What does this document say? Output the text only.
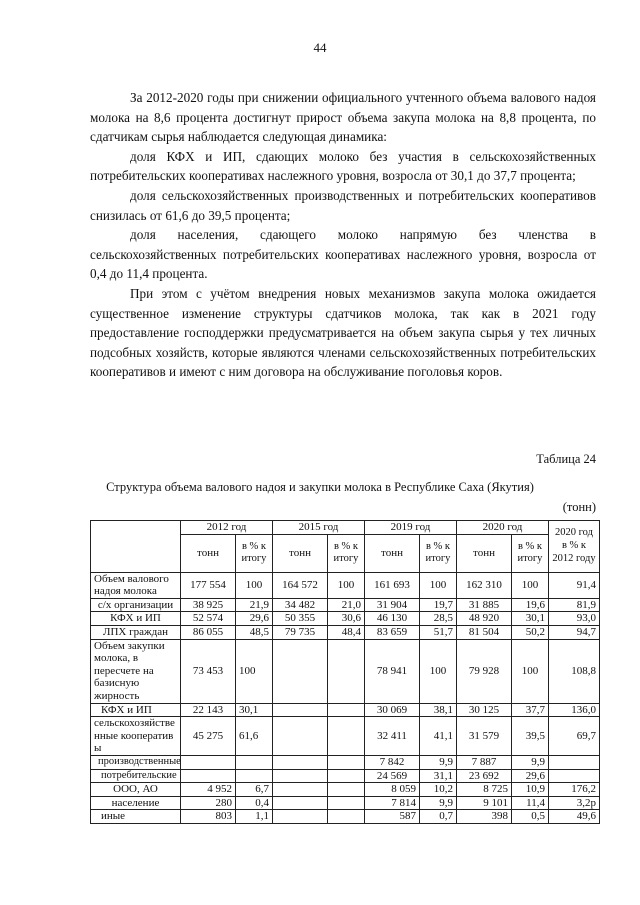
44

За 2012-2020 годы при снижении официального учтенного объема валового надоя молока на 8,6 процента достигнут прирост объема закупа молока на 8,8 процента, по сдатчикам сырья наблюдается следующая динамика:

доля КФХ и ИП, сдающих молоко без участия в сельскохозяйственных потребительских кооперативах наслежного уровня, возросла от 30,1 до 37,7 процента;

доля сельскохозяйственных производственных и потребительских кооперативов снизилась от 61,6 до 39,5 процента;

доля населения, сдающего молоко напрямую без членства в сельскохозяйственных потребительских кооперативах наслежного уровня, возросла от 0,4 до 11,4 процента.

При этом с учётом внедрения новых механизмов закупа молока ожидается существенное изменение структуры сдатчиков молока, так как в 2021 году предоставление господдержки предусматривается на объем закупа сырья у тех личных подсобных хозяйств, которые являются членами сельскохозяйственных потребительских кооперативов и имеют с ним договора на обслуживание поголовья коров.

Таблица 24
Структура объема валового надоя и закупки молока в Республике Саха (Якутия)
(тонн)
	2012 год		2015 год		2019 год		2020 год		2020 год в % к 2012 году
	тонн	в % к итогу	тонн	в % к итогу	тонн	в % к итогу	тонн	в % к итогу	
Объем валового надоя молока	177 554	100	164 572	100	161 693	100	162 310	100	91,4
с/х организации	38 925	21,9	34 482	21,0	31 904	19,7	31 885	19,6	81,9
КФХ и ИП	52 574	29,6	50 355	30,6	46 130	28,5	48 920	30,1	93,0
ЛПХ граждан	86 055	48,5	79 735	48,4	83 659	51,7	81 504	50,2	94,7
Объем закупки молока, в пересчете на базисную жирность	73 453	100			78 941	100	79 928	100	108,8
КФХ и ИП	22 143	30,1			30 069	38,1	30 125	37,7	136,0
сельскохозяйственные кооперативы	45 275	61,6			32 411	41,1	31 579	39,5	69,7
производственные					7 842	9,9	7 887	9,9	
потребительские					24 569	31,1	23 692	29,6	
ООО, АО	4 952	6,7			8 059	10,2	8 725	10,9	176,2
население	280	0,4			7 814	9,9	9 101	11,4	3,2р
иные	803	1,1			587	0,7	398	0,5	49,6
